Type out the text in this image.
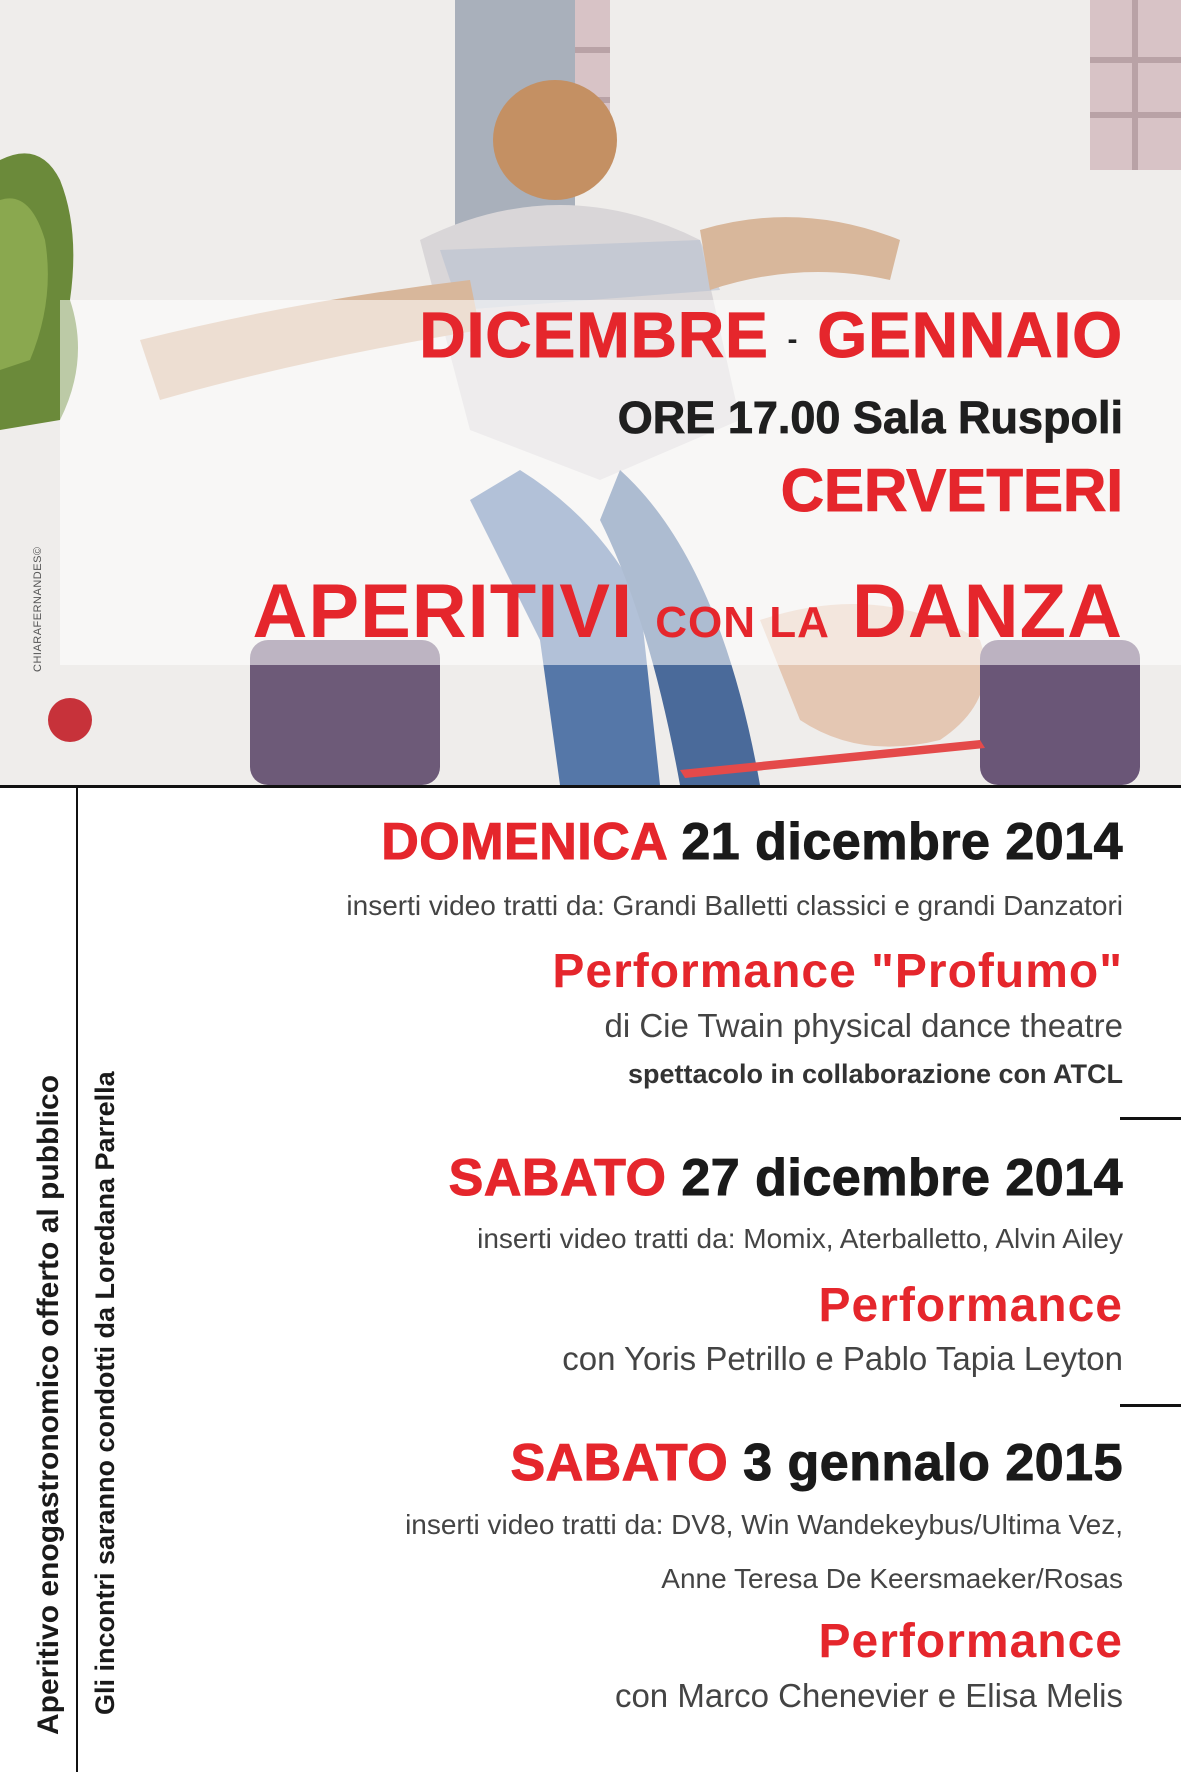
CHIARAFERNANDES©
DICEMBRE - GENNAIO
ORE 17.00 Sala Ruspoli
CERVETERI
APERITIVI CON LA DANZA
Aperitivo enogastronomico offerto al pubblico Gli incontri saranno condotti da Loredana Parrella
DOMENICA 21 dicembre 2014
inserti video tratti da: Grandi Balletti classici e grandi Danzatori
Performance "Profumo"
di Cie Twain physical dance theatre
spettacolo in collaborazione con ATCL
SABATO 27 dicembre 2014
inserti video tratti da: Momix, Aterballetto, Alvin Ailey
Performance
con Yoris Petrillo e Pablo Tapia Leyton
SABATO 3 gennalo 2015
inserti video tratti da: DV8, Win Wandekeybus/Ultima Vez,
Anne Teresa De Keersmaeker/Rosas
Performance
con Marco Chenevier e Elisa Melis
